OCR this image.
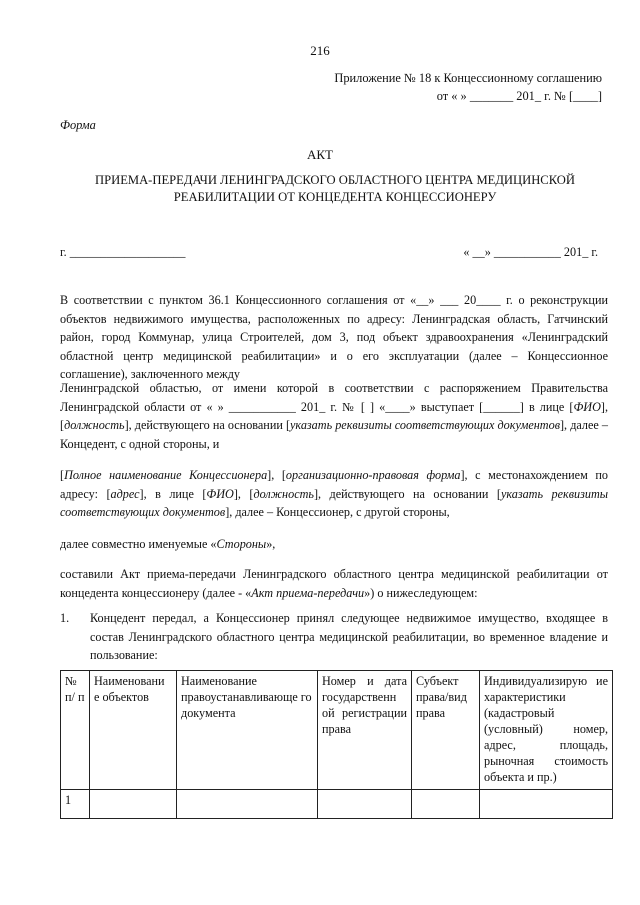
216
Приложение № 18 к Концессионному соглашению
от « » _______ 201_ г. № [____]
Форма
АКТ
ПРИЕМА-ПЕРЕДАЧИ ЛЕНИНГРАДСКОГО ОБЛАСТНОГО ЦЕНТРА МЕДИЦИНСКОЙ РЕАБИЛИТАЦИИ ОТ КОНЦЕДЕНТА КОНЦЕССИОНЕРУ
г. ___________________	« __» ___________ 201_ г.
В соответствии с пунктом 36.1 Концессионного соглашения от «__» ___ 20____ г. о реконструкции объектов недвижимого имущества, расположенных по адресу: Ленинградская область, Гатчинский район, город Коммунар, улица Строителей, дом 3, под объект здравоохранения «Ленинградский областной центр медицинской реабилитации» и о его эксплуатации (далее – Концессионное соглашение), заключенного между
Ленинградской областью, от имени которой в соответствии с распоряжением Правительства Ленинградской области от « » ___________ 201_ г. № [ ] «____» выступает [______] в лице [ФИО], [должность], действующего на основании [указать реквизиты соответствующих документов], далее – Концедент, с одной стороны, и
[Полное наименование Концессионера], [организационно-правовая форма], с местонахождением по адресу: [адрес], в лице [ФИО], [должность], действующего на основании [указать реквизиты соответствующих документов], далее – Концессионер, с другой стороны,
далее совместно именуемые «Стороны»,
составили Акт приема-передачи Ленинградского областного центра медицинской реабилитации от концедента концессионеру (далее - «Акт приема-передачи») о нижеследующем:
1. Концедент передал, а Концессионер принял следующее недвижимое имущество, входящее в состав Ленинградского областного центра медицинской реабилитации, во временное владение и пользование:
№ п/ п	Наименовани е объектов	Наименование правоустанавливающе го документа	Номер и дата государственн ой регистрации права	Субъект права/вид права	Индивидуализирую ие характеристики (кадастровый (условный) номер, адрес, площадь, рыночная стоимость объекта и пр.)
1					
